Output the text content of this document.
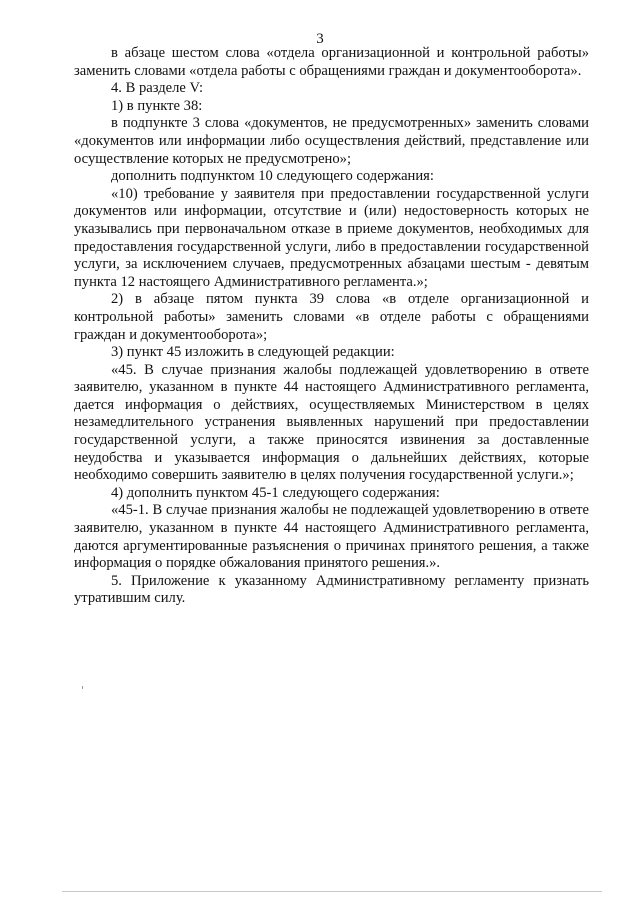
3

в абзаце шестом слова «отдела организационной и контрольной работы» заменить словами «отдела работы с обращениями граждан и документооборота».

4. В разделе V:

1) в пункте 38:

в подпункте 3 слова «документов, не предусмотренных» заменить словами «документов или информации либо осуществления действий, представление или осуществление которых не предусмотрено»;

дополнить подпунктом 10 следующего содержания:

«10) требование у заявителя при предоставлении государственной услуги документов или информации, отсутствие и (или) недостоверность которых не указывались при первоначальном отказе в приеме документов, необходимых для предоставления государственной услуги, либо в предоставлении государственной услуги, за исключением случаев, предусмотренных абзацами шестым - девятым пункта 12 настоящего Административного регламента.»;

2) в абзаце пятом пункта 39 слова «в отделе организационной и контрольной работы» заменить словами «в отделе работы с обращениями граждан и документооборота»;

3) пункт 45 изложить в следующей редакции:

«45. В случае признания жалобы подлежащей удовлетворению в ответе заявителю, указанном в пункте 44 настоящего Административного регламента, дается информация о действиях, осуществляемых Министерством в целях незамедлительного устранения выявленных нарушений при предоставлении государственной услуги, а также приносятся извинения за доставленные неудобства и указывается информация о дальнейших действиях, которые необходимо совершить заявителю в целях получения государственной услуги.»;

4) дополнить пунктом 45-1 следующего содержания:

«45-1. В случае признания жалобы не подлежащей удовлетворению в ответе заявителю, указанном в пункте 44 настоящего Административного регламента, даются аргументированные разъяснения о причинах принятого решения, а также информация о порядке обжалования принятого решения.».

5. Приложение к указанному Административному регламенту признать утратившим силу.
